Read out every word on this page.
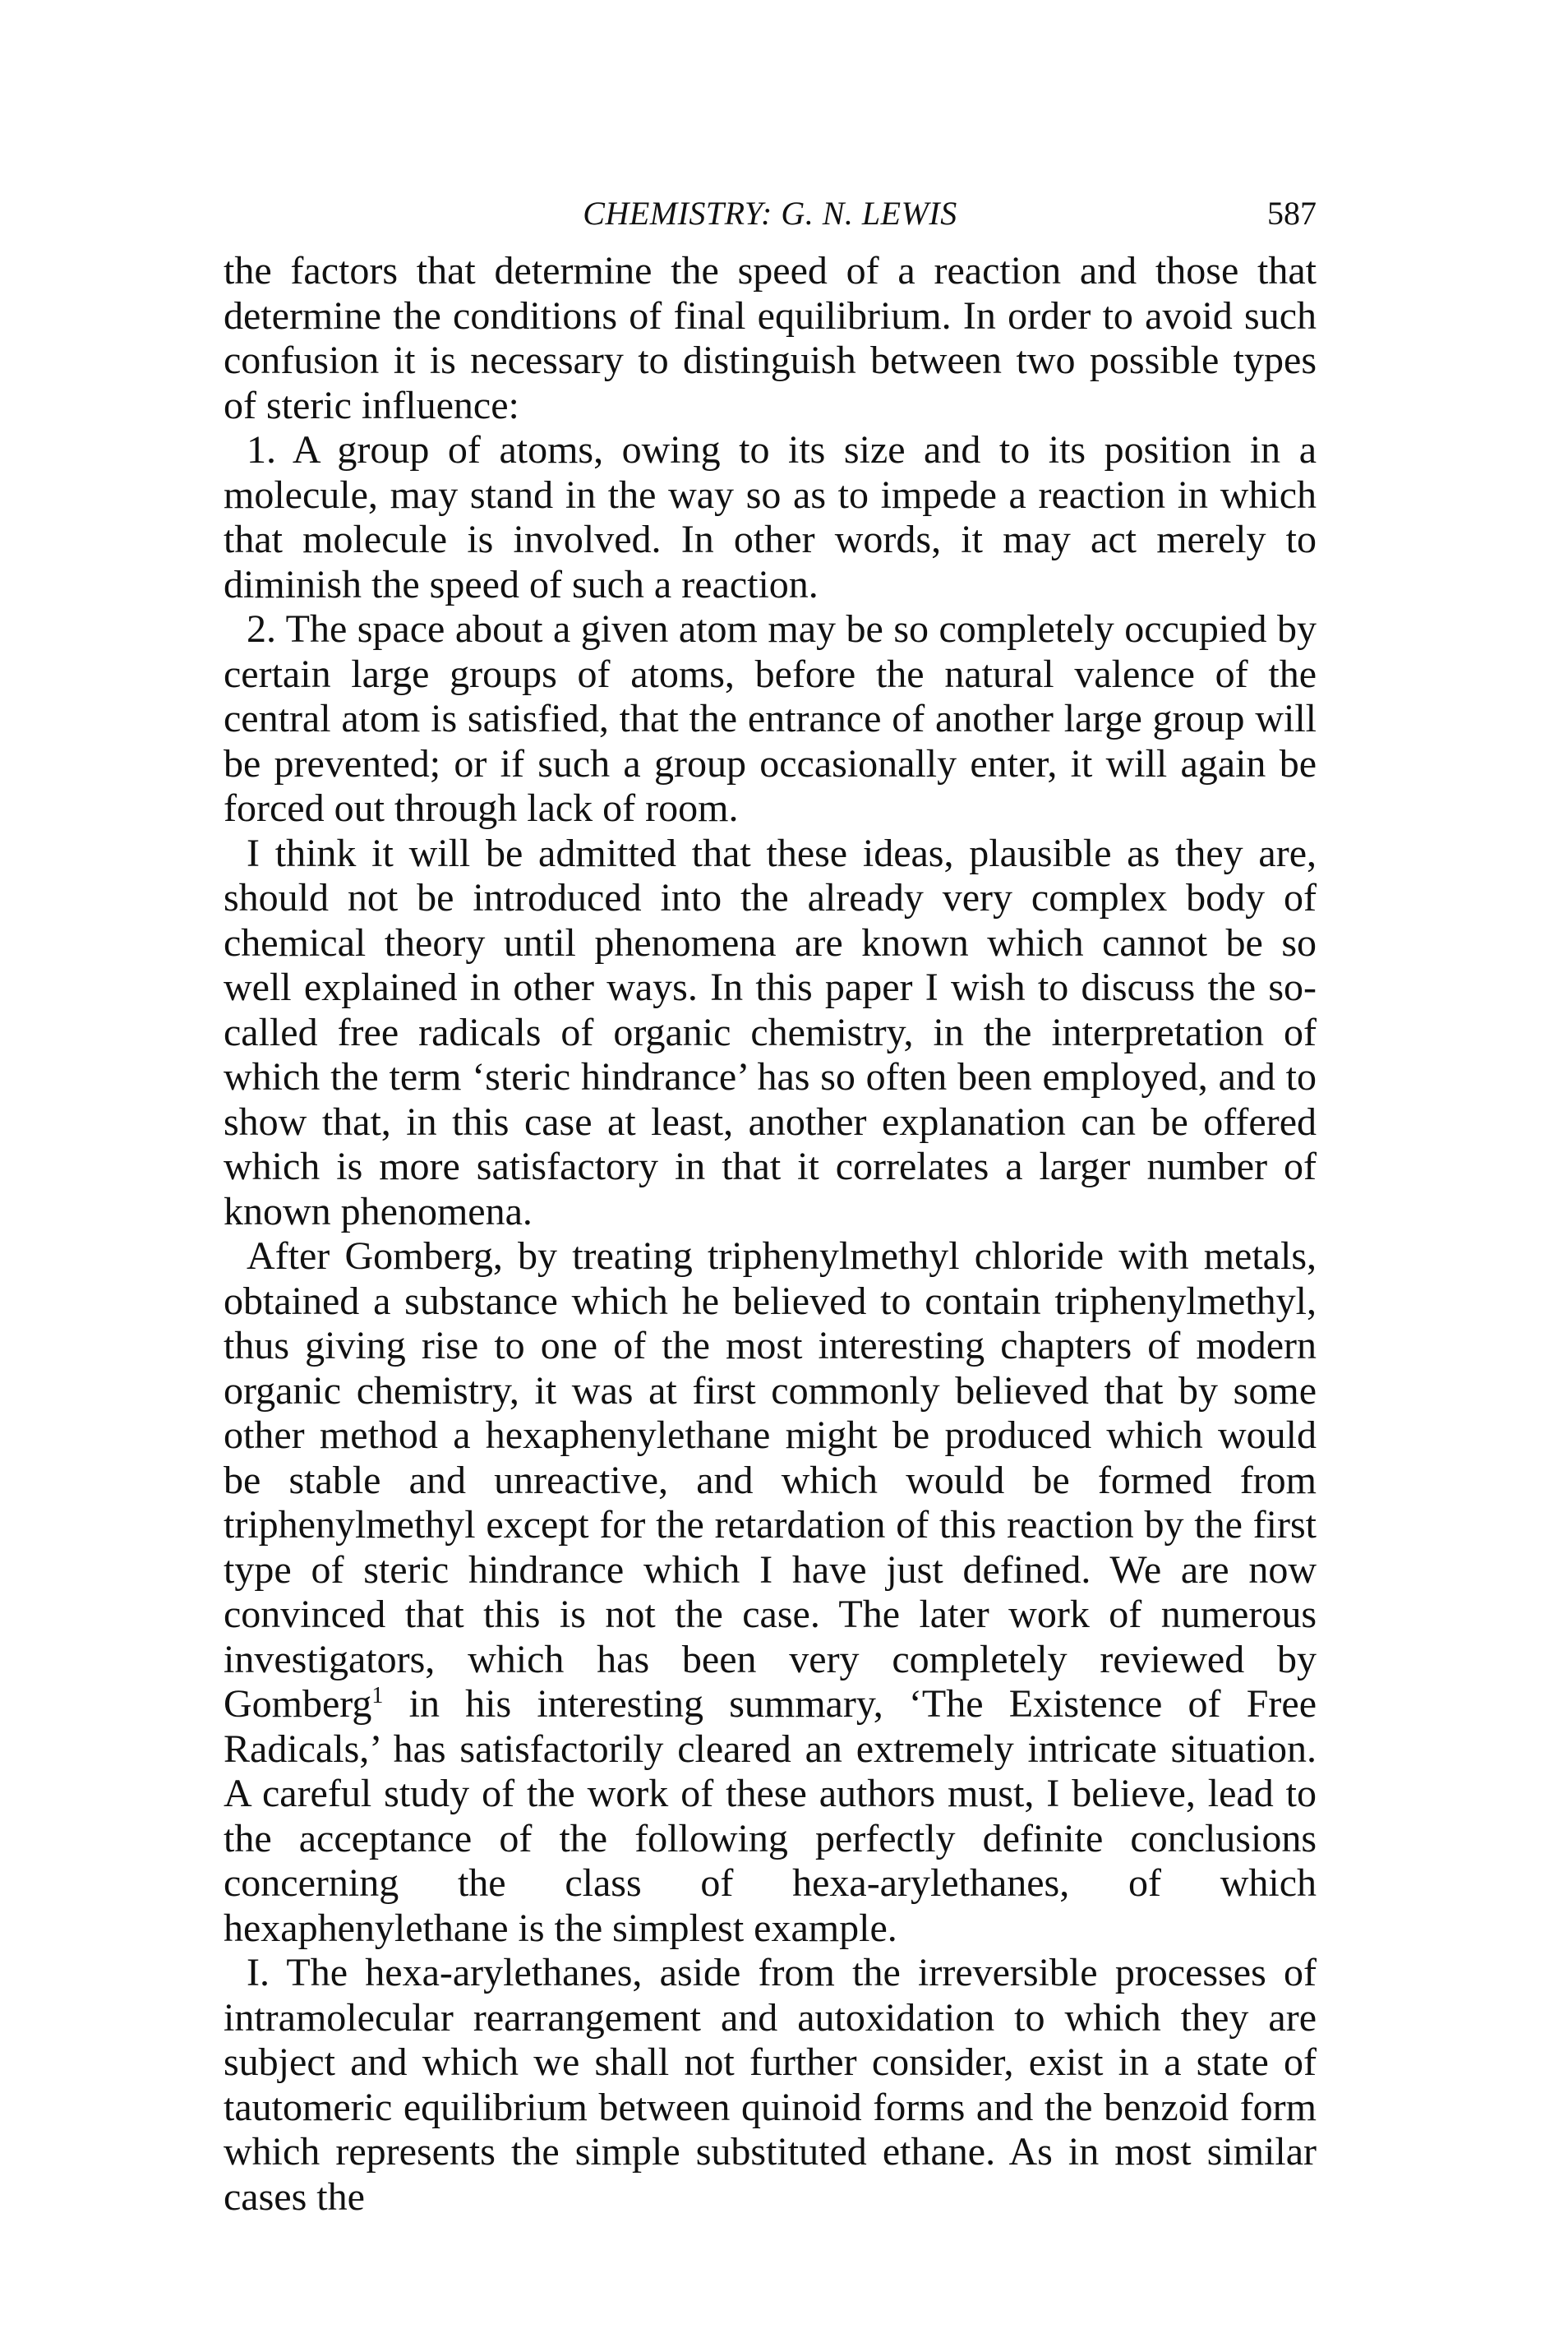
CHEMISTRY: G. N. LEWIS	587

the factors that determine the speed of a reaction and those that determine the conditions of final equilibrium. In order to avoid such confusion it is necessary to distinguish between two possible types of steric influence:

1. A group of atoms, owing to its size and to its position in a molecule, may stand in the way so as to impede a reaction in which that molecule is involved. In other words, it may act merely to diminish the speed of such a reaction.

2. The space about a given atom may be so completely occupied by certain large groups of atoms, before the natural valence of the central atom is satisfied, that the entrance of another large group will be prevented; or if such a group occasionally enter, it will again be forced out through lack of room.

I think it will be admitted that these ideas, plausible as they are, should not be introduced into the already very complex body of chemical theory until phenomena are known which cannot be so well explained in other ways. In this paper I wish to discuss the so-called free radicals of organic chemistry, in the interpretation of which the term ‘steric hindrance’ has so often been employed, and to show that, in this case at least, another explanation can be offered which is more satisfactory in that it correlates a larger number of known phenomena.

After Gomberg, by treating triphenylmethyl chloride with metals, obtained a substance which he believed to contain triphenylmethyl, thus giving rise to one of the most interesting chapters of modern organic chemistry, it was at first commonly believed that by some other method a hexaphenylethane might be produced which would be stable and unreactive, and which would be formed from triphenylmethyl except for the retardation of this reaction by the first type of steric hindrance which I have just defined. We are now convinced that this is not the case. The later work of numerous investigators, which has been very completely reviewed by Gomberg$^1$ in his interesting summary, ‘The Existence of Free Radicals,’ has satisfactorily cleared an extremely intricate situation. A careful study of the work of these authors must, I believe, lead to the acceptance of the following perfectly definite conclusions concerning the class of hexa-arylethanes, of which hexaphenylethane is the simplest example.

I. The hexa-arylethanes, aside from the irreversible processes of intramolecular rearrangement and autoxidation to which they are subject and which we shall not further consider, exist in a state of tautomeric equilibrium between quinoid forms and the benzoid form which represents the simple substituted ethane. As in most similar cases the
